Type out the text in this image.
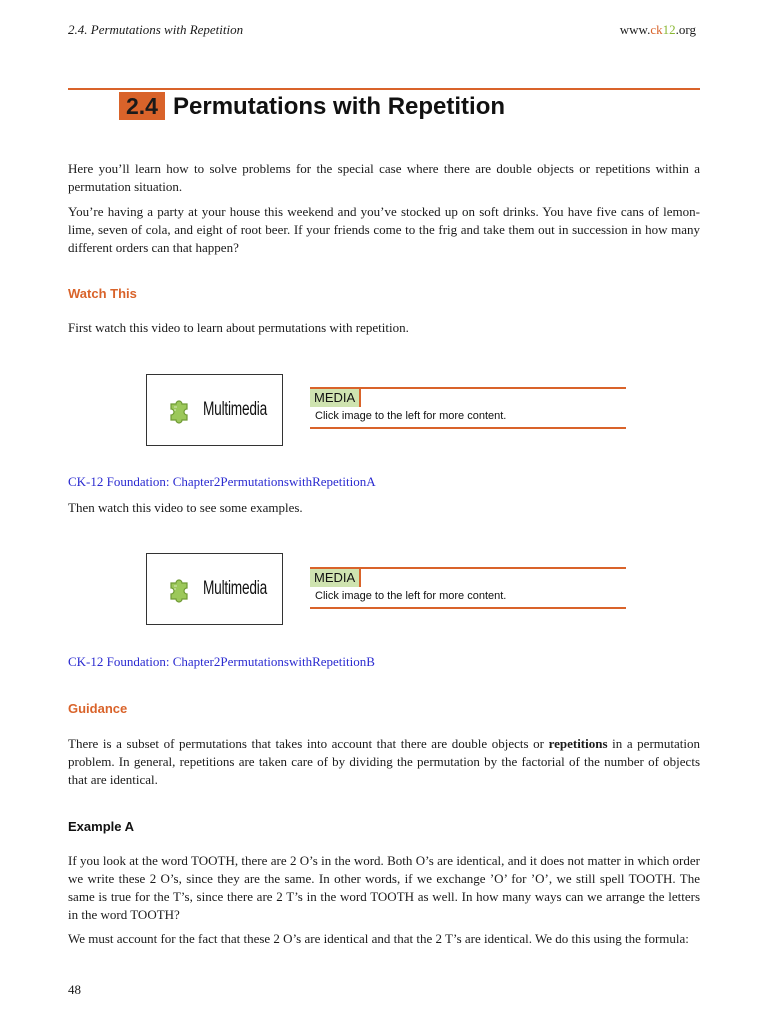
2.4. Permutations with Repetition	www.ck12.org
2.4 Permutations with Repetition

Here you’ll learn how to solve problems for the special case where there are double objects or repetitions within a permutation situation.

You’re having a party at your house this weekend and you’ve stocked up on soft drinks. You have five cans of lemon-lime, seven of cola, and eight of root beer. If your friends come to the frig and take them out in succession in how many different orders can that happen?

Watch This

First watch this video to learn about permutations with repetition.

Multimedia
MEDIA
Click image to the left for more content.
CK-12 Foundation: Chapter2PermutationswithRepetitionA

Then watch this video to see some examples.

Multimedia
MEDIA
Click image to the left for more content.
CK-12 Foundation: Chapter2PermutationswithRepetitionB
Guidance

There is a subset of permutations that takes into account that there are double objects or repetitions in a permutation problem. In general, repetitions are taken care of by dividing the permutation by the factorial of the number of objects that are identical.

Example A

If you look at the word TOOTH, there are 2 O’s in the word. Both O’s are identical, and it does not matter in which order we write these 2 O’s, since they are the same. In other words, if we exchange ’O’ for ’O’, we still spell TOOTH. The same is true for the T’s, since there are 2 T’s in the word TOOTH as well. In how many ways can we arrange the letters in the word TOOTH?

We must account for the fact that these 2 O’s are identical and that the 2 T’s are identical. We do this using the formula:

48
